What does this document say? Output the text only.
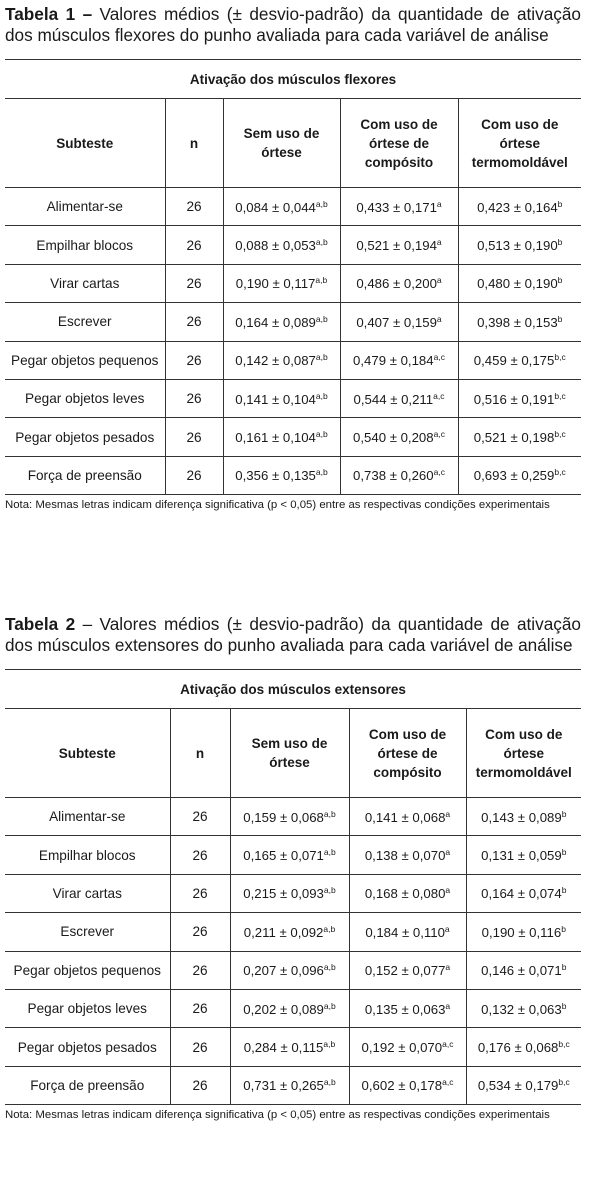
Tabela 1 – Valores médios (± desvio-padrão) da quantidade de ativação dos músculos flexores do punho avaliada para cada variável de análise

Ativação dos músculos flexores				
Subteste	n	Sem uso de órtese	Com uso de órtese de compósito	Com uso de órtese termomoldável
Alimentar-se	26	$0,084 \pm 0,044^{a,b}$	0,433 ± 0,171$^a$	0,423 ± 0,164$^b$
Empilhar blocos	26	$0,088 \pm 0,053^{a,b}$	0,521 ± 0,194$^a$	0,513 ± 0,190$^b$
Virar cartas	26	$0,190 \pm 0,117^{a,b}$	0,486 ± 0,200$^a$	0,480 ± 0,190$^b$
Escrever	26	$0,164 \pm 0,089^{a,b}$	0,407 ± 0,159$^a$	0,398 ± 0,153$^b$
Pegar objetos pequenos	26	$0,142 \pm 0,087^{a,b}$	$0,479 \pm 0,184^{a,c}$	$0,459 \pm 0,175^{b,c}$
Pegar objetos leves	26	$0,141 \pm 0,104^{a,b}$	$0,544 \pm 0,211^{a,c}$	$0,516 \pm 0,191^{b,c}$
Pegar objetos pesados	26	$0,161 \pm 0,104^{a,b}$	$0,540 \pm 0,208^{a,c}$	$0,521 \pm 0,198^{b,c}$
Força de preensão	26	$0,356 \pm 0,135^{a,b}$	$0,738 \pm 0,260^{a,c}$	$0,693 \pm 0,259^{b,c}$

Nota: Mesmas letras indicam diferença significativa (p < 0,05) entre as respectivas condições experimentais

Tabela 2 – Valores médios (± desvio-padrão) da quantidade de ativação dos músculos extensores do punho avaliada para cada variável de análise

Ativação dos músculos extensores				
Subteste	n	Sem uso de órtese	Com uso de órtese de compósito	Com uso de órtese termomoldável
Alimentar-se	26	$0,159 \pm 0,068^{a,b}$	0,141 ± 0,068$^a$	0,143 ± 0,089$^b$
Empilhar blocos	26	$0,165 \pm 0,071^{a,b}$	0,138 ± 0,070$^a$	0,131 ± 0,059$^b$
Virar cartas	26	$0,215 \pm 0,093^{a,b}$	0,168 ± 0,080$^a$	0,164 ± 0,074$^b$
Escrever	26	$0,211 \pm 0,092^{a,b}$	0,184 ± 0,110$^a$	0,190 ± 0,116$^b$
Pegar objetos pequenos	26	$0,207 \pm 0,096^{a,b}$	0,152 ± 0,077$^a$	0,146 ± 0,071$^b$
Pegar objetos leves	26	$0,202 \pm 0,089^{a,b}$	0,135 ± 0,063$^a$	0,132 ± 0,063$^b$
Pegar objetos pesados	26	$0,284 \pm 0,115^{a,b}$	$0,192 \pm 0,070^{a,c}$	$0,176 \pm 0,068^{b,c}$
Força de preensão	26	$0,731 \pm 0,265^{a,b}$	$0,602 \pm 0,178^{a,c}$	$0,534 \pm 0,179^{b,c}$

Nota: Mesmas letras indicam diferença significativa (p < 0,05) entre as respectivas condições experimentais
